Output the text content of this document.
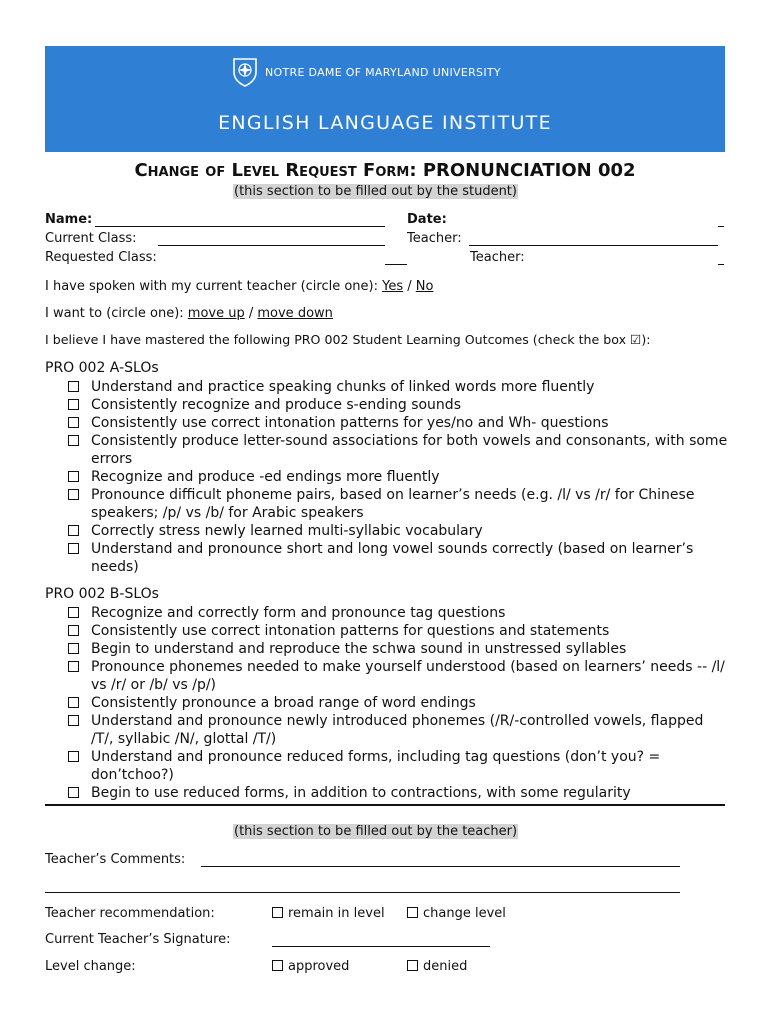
NOTRE DAME OF MARYLAND UNIVERSITY
ENGLISH LANGUAGE INSTITUTE
Change of Level Request Form: PRONUNCIATION 002
(this section to be filled out by the student)
Name:	Date:
Current Class:	Teacher:
Requested Class:	Teacher:
I have spoken with my current teacher (circle one): Yes / No
I want to (circle one): move up / move down
I believe I have mastered the following PRO 002 Student Learning Outcomes (check the box ☑):
PRO 002 A-SLOs
Understand and practice speaking chunks of linked words more fluently
Consistently recognize and produce s-ending sounds
Consistently use correct intonation patterns for yes/no and Wh- questions
Consistently produce letter-sound associations for both vowels and consonants, with some errors
Recognize and produce -ed endings more fluently
Pronounce difficult phoneme pairs, based on learner’s needs (e.g. /l/ vs /r/ for Chinese speakers; /p/ vs /b/ for Arabic speakers
Correctly stress newly learned multi-syllabic vocabulary
Understand and pronounce short and long vowel sounds correctly (based on learner’s needs)
PRO 002 B-SLOs
Recognize and correctly form and pronounce tag questions
Consistently use correct intonation patterns for questions and statements
Begin to understand and reproduce the schwa sound in unstressed syllables
Pronounce phonemes needed to make yourself understood (based on learners’ needs -- /l/ vs /r/ or /b/ vs /p/)
Consistently pronounce a broad range of word endings
Understand and pronounce newly introduced phonemes (/R/-controlled vowels, flapped /T/, syllabic /N/, glottal /T/)
Understand and pronounce reduced forms, including tag questions (don’t you? = don’tchoo?)
Begin to use reduced forms, in addition to contractions, with some regularity
(this section to be filled out by the teacher)
Teacher’s Comments:
Teacher recommendation:	remain in level	change level
Current Teacher’s Signature:
Level change:	approved	denied
